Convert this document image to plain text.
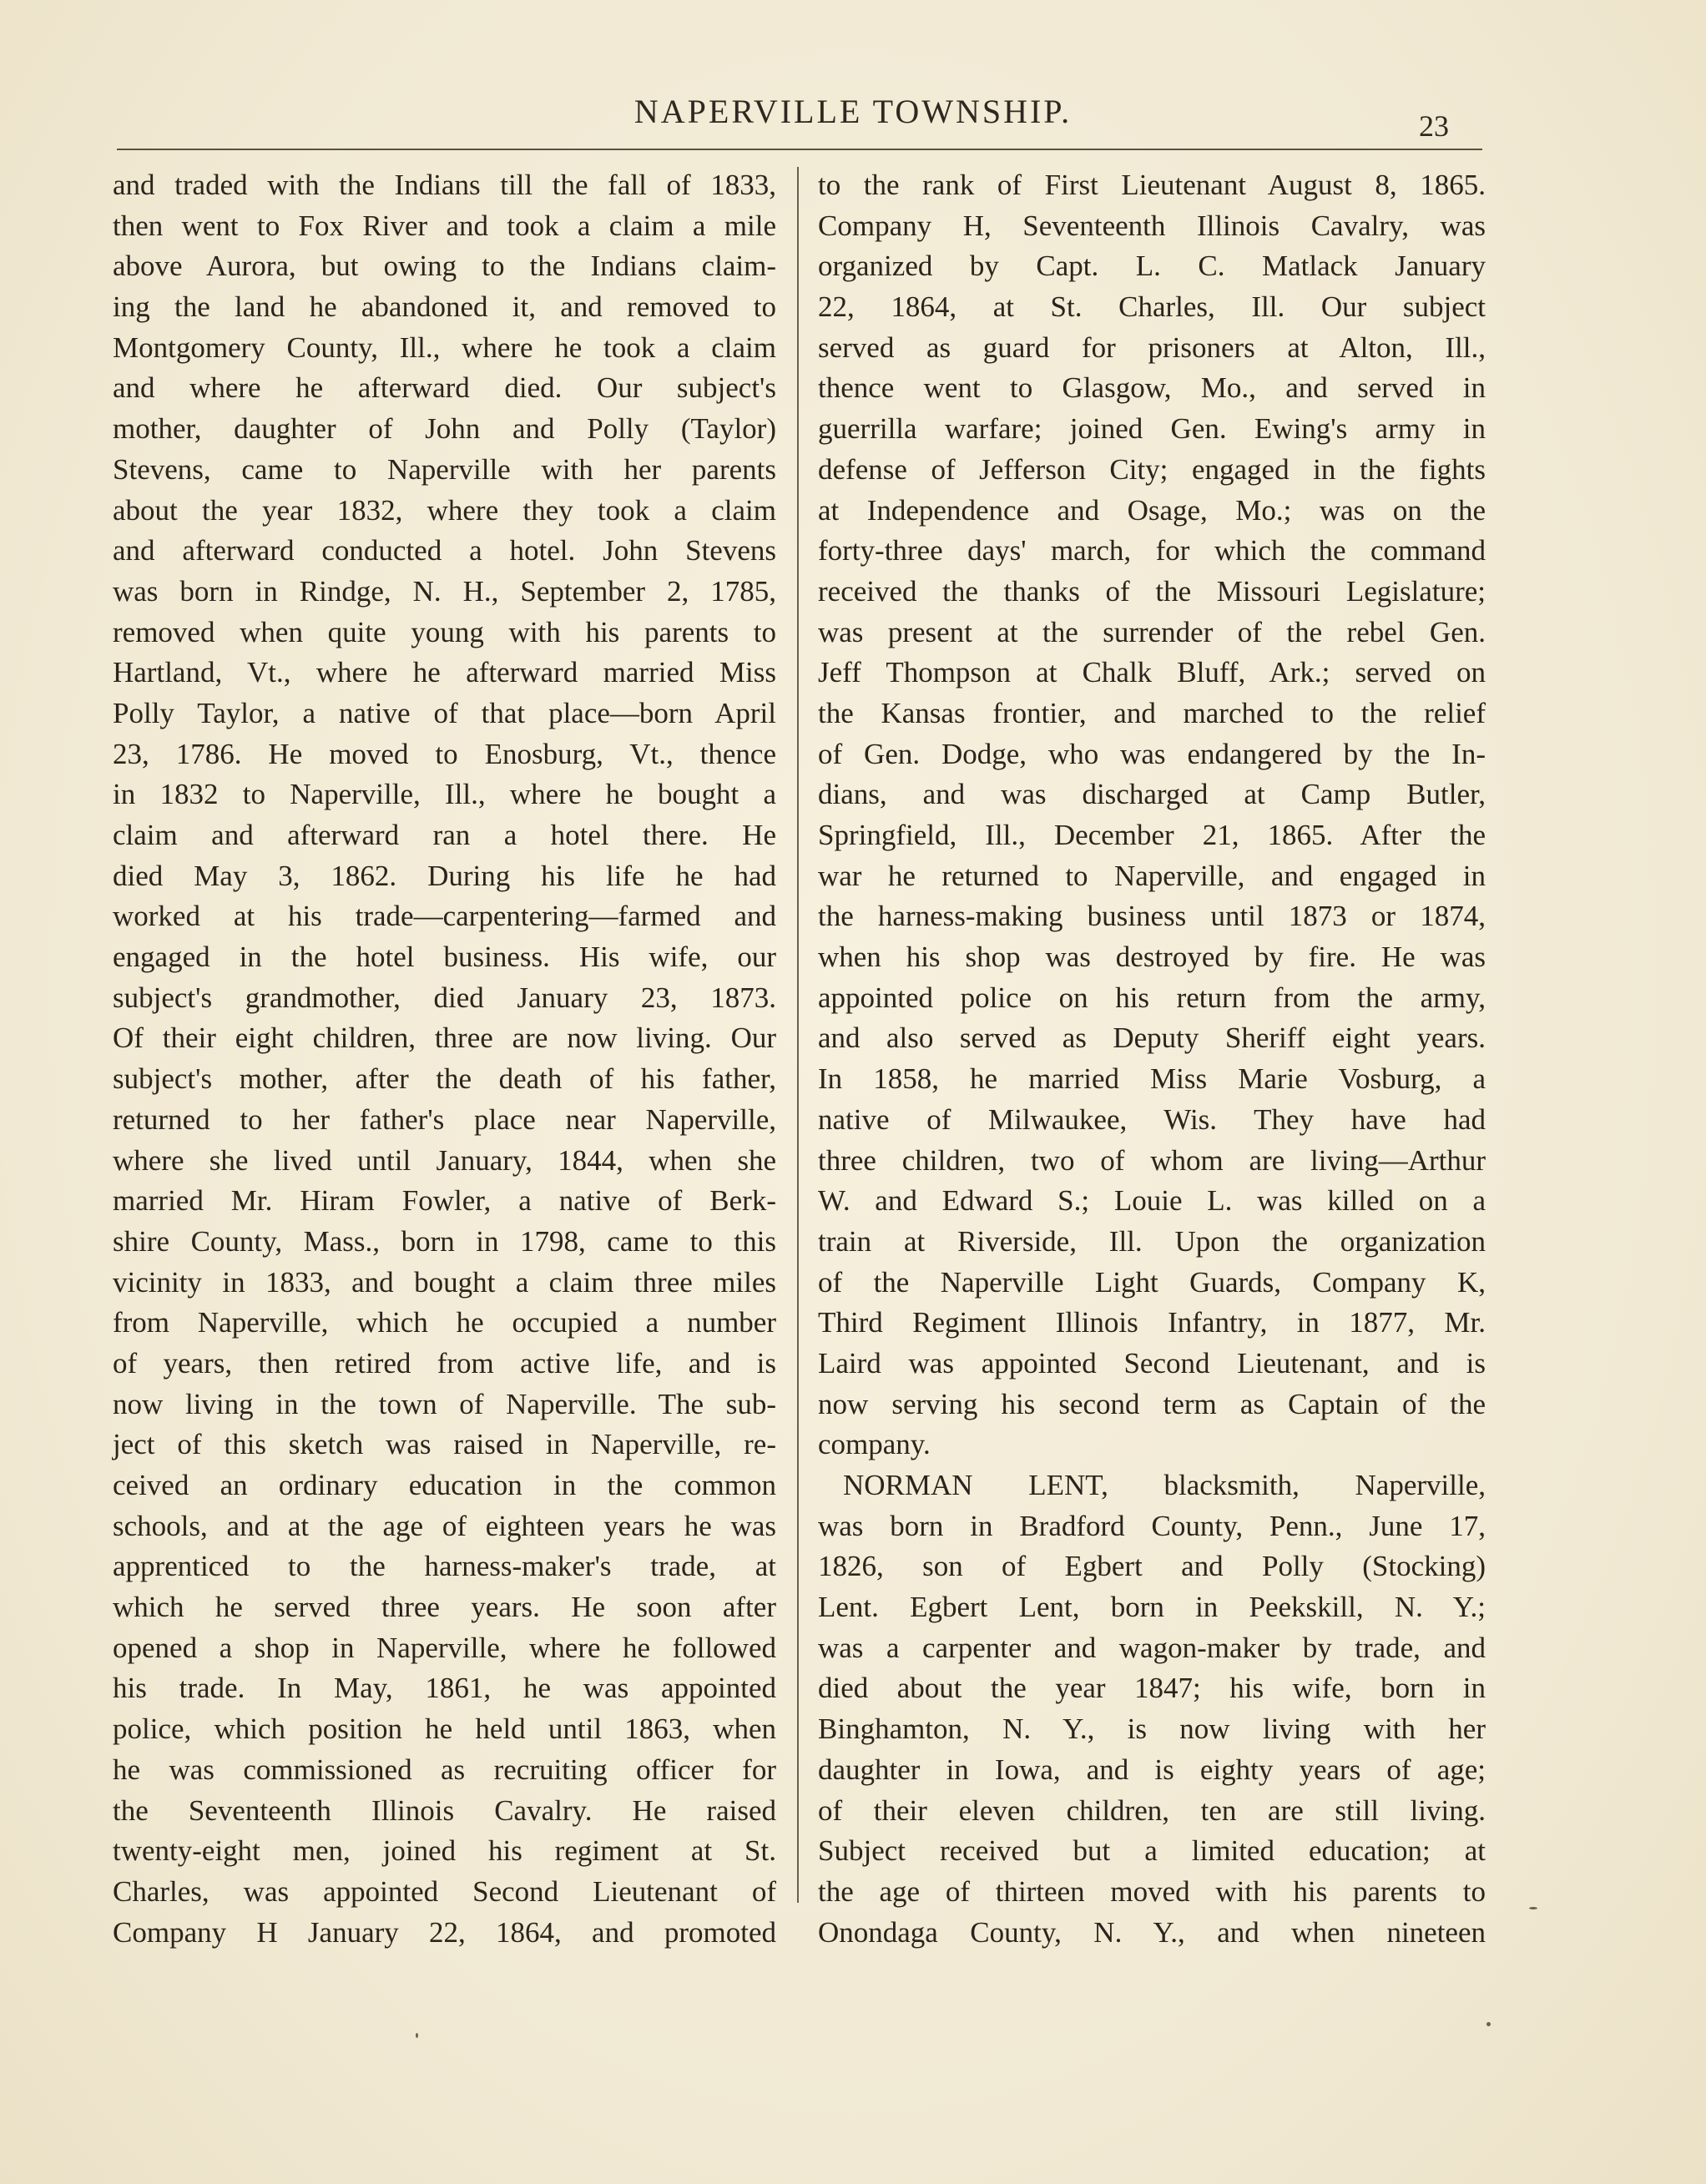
NAPERVILLE TOWNSHIP.	23
and traded with the Indians till the fall of 1833,
then went to Fox River and took a claim a mile
above Aurora, but owing to the Indians claim-
ing the land he abandoned it, and removed to
Montgomery County, Ill., where he took a claim
and where he afterward died. Our subject's
mother, daughter of John and Polly (Taylor)
Stevens, came to Naperville with her parents
about the year 1832, where they took a claim
and afterward conducted a hotel. John Stevens
was born in Rindge, N. H., September 2, 1785,
removed when quite young with his parents to
Hartland, Vt., where he afterward married Miss
Polly Taylor, a native of that place—born April
23, 1786. He moved to Enosburg, Vt., thence
in 1832 to Naperville, Ill., where he bought a
claim and afterward ran a hotel there. He
died May 3, 1862. During his life he had
worked at his trade—carpentering—farmed and
engaged in the hotel business. His wife, our
subject's grandmother, died January 23, 1873.
Of their eight children, three are now living. Our
subject's mother, after the death of his father,
returned to her father's place near Naperville,
where she lived until January, 1844, when she
married Mr. Hiram Fowler, a native of Berk-
shire County, Mass., born in 1798, came to this
vicinity in 1833, and bought a claim three miles
from Naperville, which he occupied a number
of years, then retired from active life, and is
now living in the town of Naperville. The sub-
ject of this sketch was raised in Naperville, re-
ceived an ordinary education in the common
schools, and at the age of eighteen years he was
apprenticed to the harness-maker's trade, at
which he served three years. He soon after
opened a shop in Naperville, where he followed
his trade. In May, 1861, he was appointed
police, which position he held until 1863, when
he was commissioned as recruiting officer for
the Seventeenth Illinois Cavalry. He raised
twenty-eight men, joined his regiment at St.
Charles, was appointed Second Lieutenant of
Company H January 22, 1864, and promoted
to the rank of First Lieutenant August 8, 1865.
Company H, Seventeenth Illinois Cavalry, was
organized by Capt. L. C. Matlack January
22, 1864, at St. Charles, Ill. Our subject
served as guard for prisoners at Alton, Ill.,
thence went to Glasgow, Mo., and served in
guerrilla warfare; joined Gen. Ewing's army in
defense of Jefferson City; engaged in the fights
at Independence and Osage, Mo.; was on the
forty-three days' march, for which the command
received the thanks of the Missouri Legislature;
was present at the surrender of the rebel Gen.
Jeff Thompson at Chalk Bluff, Ark.; served on
the Kansas frontier, and marched to the relief
of Gen. Dodge, who was endangered by the In-
dians, and was discharged at Camp Butler,
Springfield, Ill., December 21, 1865. After the
war he returned to Naperville, and engaged in
the harness-making business until 1873 or 1874,
when his shop was destroyed by fire. He was
appointed police on his return from the army,
and also served as Deputy Sheriff eight years.
In 1858, he married Miss Marie Vosburg, a
native of Milwaukee, Wis. They have had
three children, two of whom are living—Arthur
W. and Edward S.; Louie L. was killed on a
train at Riverside, Ill. Upon the organization
of the Naperville Light Guards, Company K,
Third Regiment Illinois Infantry, in 1877, Mr.
Laird was appointed Second Lieutenant, and is
now serving his second term as Captain of the
company.
NORMAN LENT, blacksmith, Naperville,
was born in Bradford County, Penn., June 17,
1826, son of Egbert and Polly (Stocking)
Lent. Egbert Lent, born in Peekskill, N. Y.;
was a carpenter and wagon-maker by trade, and
died about the year 1847; his wife, born in
Binghamton, N. Y., is now living with her
daughter in Iowa, and is eighty years of age;
of their eleven children, ten are still living.
Subject received but a limited education; at
the age of thirteen moved with his parents to
Onondaga County, N. Y., and when nineteen
